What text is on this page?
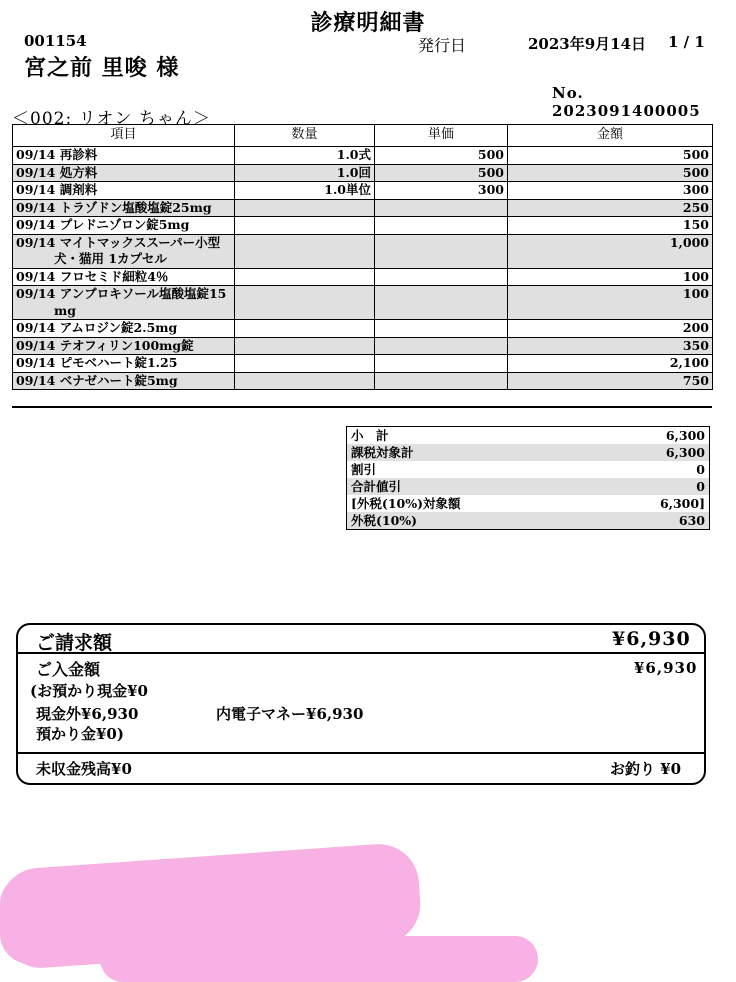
診療明細書
001154
宮之前 里唆 様
発行日	2023年9月14日 1 / 1
No. 2023091400005
＜002: リオン ちゃん＞
項目	数量	単価	金額
09/14 再診料	1.0式	500	500
09/14 処方料	1.0回	500	500
09/14 調剤料	1.0単位	300	300
09/14 トラゾドン塩酸塩錠25mg			250
09/14 プレドニゾロン錠5mg			150

09/14 マイトマックススーパー小型
犬・猫用 1カプセル			1,000
09/14 フロセミド細粒4％			100

09/14 アンブロキソール塩酸塩錠15
mg			100
09/14 アムロジン錠2.5mg			200
09/14 テオフィリン100mg錠			350
09/14 ピモベハート錠1.25			2,100
09/14 ベナゼハート錠5mg			750
小　計	6,300
課税対象計	6,300
割引	0
合計値引	0
[外税(10%)対象額	6,300]
外税(10%)	630
ご請求額	¥6,930
ご入金額	¥6,930
(お預かり現金¥0
現金外¥6,930
預かり金¥0)
内電子マネー¥6,930
未収金残高¥0	お釣り ¥0
